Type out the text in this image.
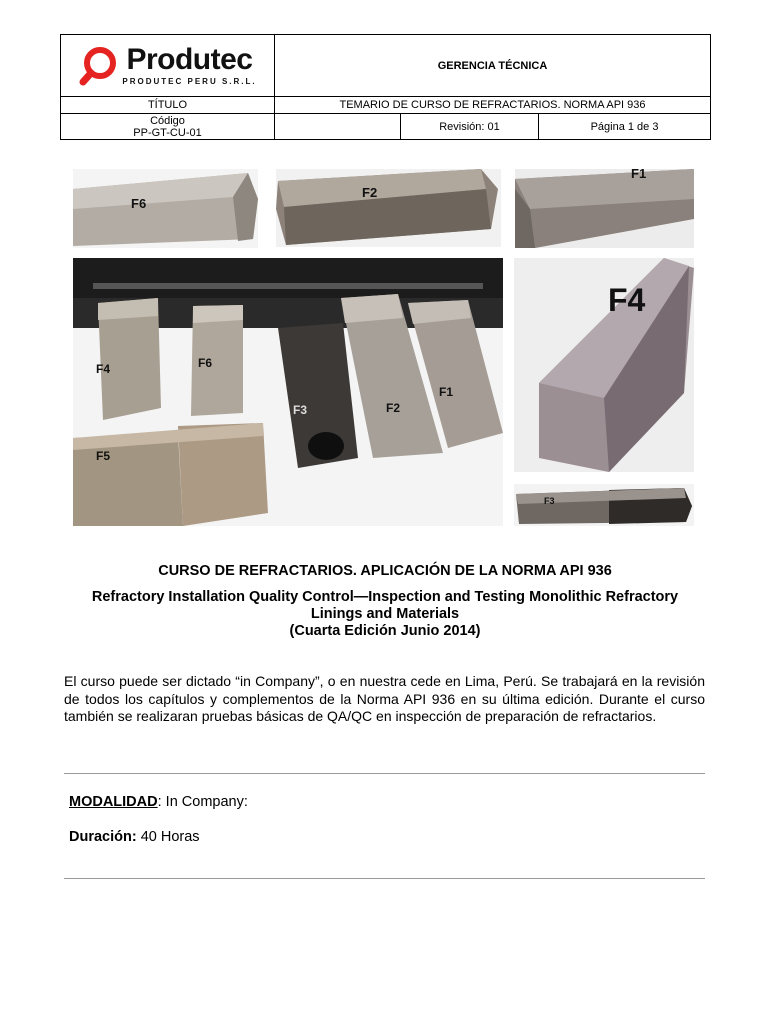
Produtec
PRODUTEC PERU S.R.L.	GERENCIA TÉCNICA		
TÍTULO	TEMARIO DE CURSO DE REFRACTARIOS. NORMA API 936		

Código
PP-GT-CU-01		Revisión: 01	Página 1 de 3
F6
F2
F1
F4	F6
F3	F2
F1
F5
F4
F3
CURSO DE REFRACTARIOS. APLICACIÓN DE LA NORMA API 936
Refractory Installation Quality Control—Inspection and Testing Monolithic Refractory
Linings and Materials
(Cuarta Edición Junio 2014)
El curso puede ser dictado “in Company”, o en nuestra cede en Lima, Perú. Se trabajará en la revisión de todos los capítulos y complementos de la Norma API 936 en su última edición. Durante el curso también se realizaran pruebas básicas de QA/QC en inspección de preparación de refractarios.
MODALIDAD: In Company:
Duración: 40 Horas
